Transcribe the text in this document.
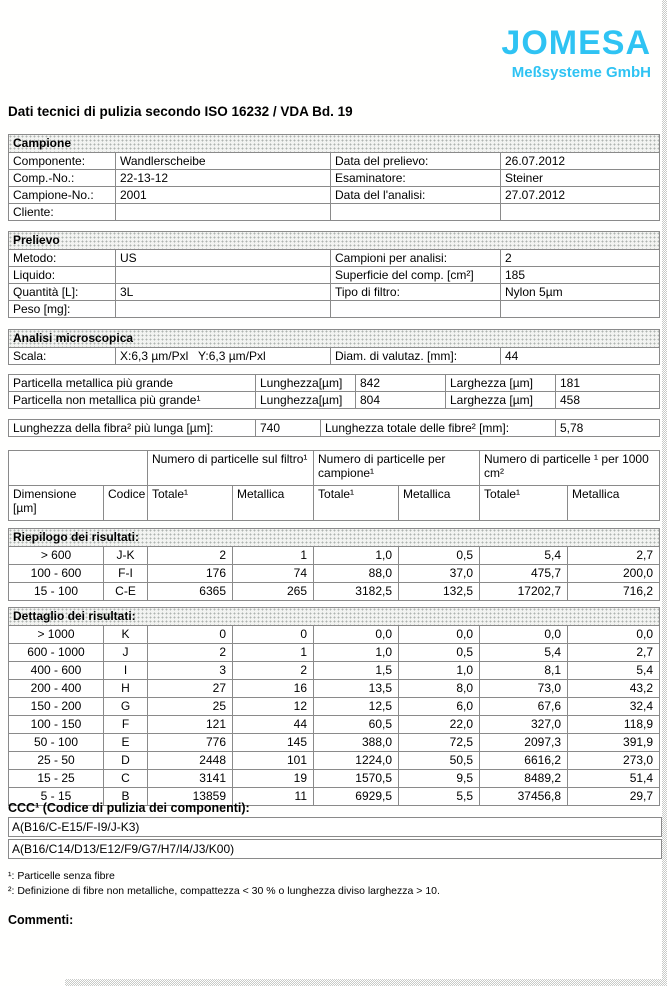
JOMESA
Meßsysteme GmbH
Dati tecnici di pulizia secondo ISO 16232 / VDA Bd. 19
Campione			
Componente:	Wandlerscheibe	Data del prelievo:	26.07.2012
Comp.-No.:	22-13-12	Esaminatore:	Steiner
Campione-No.:	2001	Data del l'analisi:	27.07.2012
Cliente:			
Prelievo			
Metodo:	US	Campioni per analisi:	2
Liquido:		Superficie del comp. [cm²]	185
Quantità [L]:	3L	Tipo di filtro:	Nylon 5µm
Peso [mg]:			
Analisi microscopica
Scala:	X:6,3 µm/Pxl   Y:6,3 µm/Pxl	Diam. di valutaz. [mm]:	44
Particella metallica più grande	Lunghezza[µm]	842	Larghezza [µm]	181
Particella non metallica più grande¹	Lunghezza[µm]	804	Larghezza [µm]	458
Lunghezza della fibra² più lunga [µm]:	740	Lunghezza totale delle fibre² [mm]:	5,78
		Numero di particelle sul filtro¹		Numero di particelle per campione¹		Numero di particelle ¹ per 1000 cm²	
Dimensione [µm]	Codice	Totale¹	Metallica	Totale¹	Metallica	Totale¹	Metallica
Riepilogo dei risultati:							
> 600	J-K	2	1	1,0	0,5	5,4	2,7
100 - 600	F-I	176	74	88,0	37,0	475,7	200,0
15 - 100	C-E	6365	265	3182,5	132,5	17202,7	716,2
Dettaglio dei risultati:							
> 1000	K	0	0	0,0	0,0	0,0	0,0
600 - 1000	J	2	1	1,0	0,5	5,4	2,7
400 - 600	I	3	2	1,5	1,0	8,1	5,4
200 - 400	H	27	16	13,5	8,0	73,0	43,2
150 - 200	G	25	12	12,5	6,0	67,6	32,4
100 - 150	F	121	44	60,5	22,0	327,0	118,9
50 - 100	E	776	145	388,0	72,5	2097,3	391,9
25 - 50	D	2448	101	1224,0	50,5	6616,2	273,0
15 - 25	C	3141	19	1570,5	9,5	8489,2	51,4
5 - 15	B	13859	11	6929,5	5,5	37456,8	29,7
CCC¹ (Codice di pulizia dei componenti):
A(B16/C-E15/F-I9/J-K3)
A(B16/C14/D13/E12/F9/G7/H7/I4/J3/K00)
¹: Particelle senza fibre
²: Definizione di fibre non metalliche, compattezza < 30 % o lunghezza diviso larghezza > 10.
Commenti:
